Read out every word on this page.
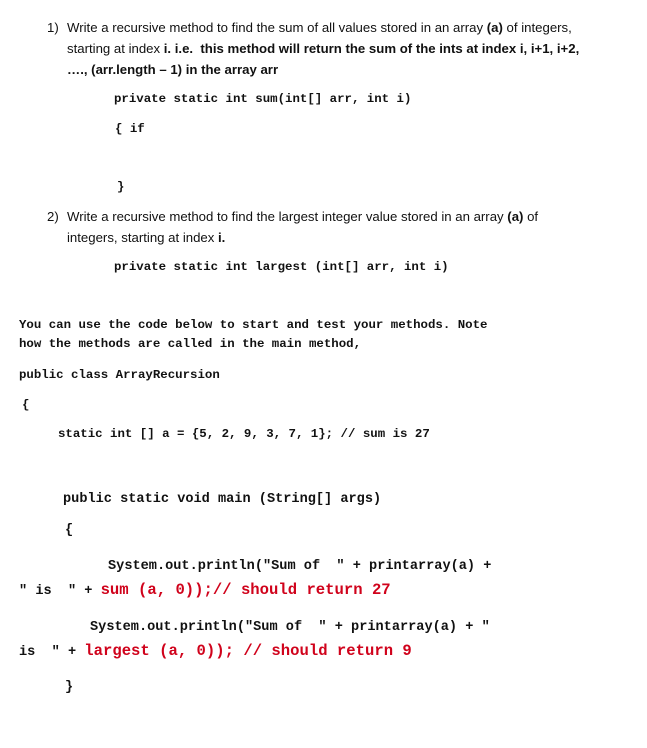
1) Write a recursive method to find the sum of all values stored in an array (a) of integers,
starting at index i. i.e.  this method will return the sum of the ints at index i, i+1, i+2,
…., (arr.length – 1) in the array arr
private static int sum(int[] arr, int i)
{ if
}
2) Write a recursive method to find the largest integer value stored in an array (a) of
integers, starting at index i.
private static int largest (int[] arr, int i)
You can use the code below to start and test your methods. Note
how the methods are called in the main method,
public class ArrayRecursion
{
static int [] a = {5, 2, 9, 3, 7, 1}; // sum is 27
public static void main (String[] args)
{
System.out.println("Sum of  " + printarray(a) +
" is  " + sum (a, 0));// should return 27
System.out.println("Sum of  " + printarray(a) + "
is  " + largest (a, 0)); // should return 9
}
